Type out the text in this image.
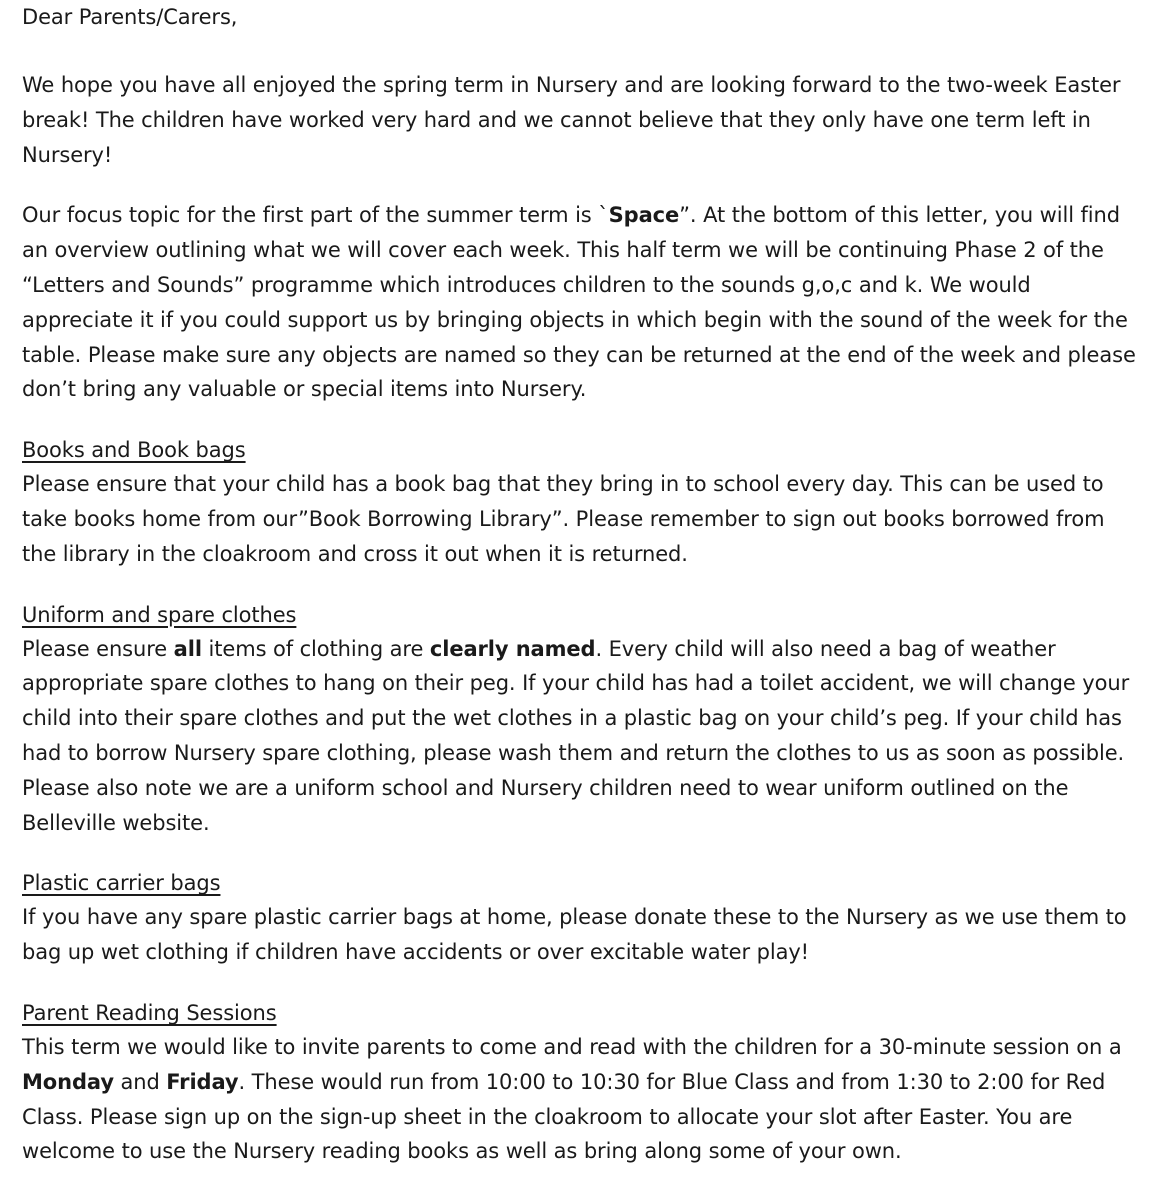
Dear Parents/Carers,

We hope you have all enjoyed the spring term in Nursery and are looking forward to the two-week Easter break! The children have worked very hard and we cannot believe that they only have one term left in Nursery!

Our focus topic for the first part of the summer term is `Space”. At the bottom of this letter, you will find an overview outlining what we will cover each week. This half term we will be continuing Phase 2 of the “Letters and Sounds” programme which introduces children to the sounds g,o,c and k. We would appreciate it if you could support us by bringing objects in which begin with the sound of the week for the table. Please make sure any objects are named so they can be returned at the end of the week and please don’t bring any valuable or special items into Nursery.

Books and Book bags

Please ensure that your child has a book bag that they bring in to school every day. This can be used to take books home from our”Book Borrowing Library”. Please remember to sign out books borrowed from the library in the cloakroom and cross it out when it is returned.

Uniform and spare clothes

Please ensure all items of clothing are clearly named. Every child will also need a bag of weather appropriate spare clothes to hang on their peg. If your child has had a toilet accident, we will change your child into their spare clothes and put the wet clothes in a plastic bag on your child’s peg. If your child has had to borrow Nursery spare clothing, please wash them and return the clothes to us as soon as possible. Please also note we are a uniform school and Nursery children need to wear uniform outlined on the Belleville website.

Plastic carrier bags

If you have any spare plastic carrier bags at home, please donate these to the Nursery as we use them to bag up wet clothing if children have accidents or over excitable water play!

Parent Reading Sessions

This term we would like to invite parents to come and read with the children for a 30-minute session on a Monday and Friday. These would run from 10:00 to 10:30 for Blue Class and from 1:30 to 2:00 for Red Class. Please sign up on the sign-up sheet in the cloakroom to allocate your slot after Easter. You are welcome to use the Nursery reading books as well as bring along some of your own.
